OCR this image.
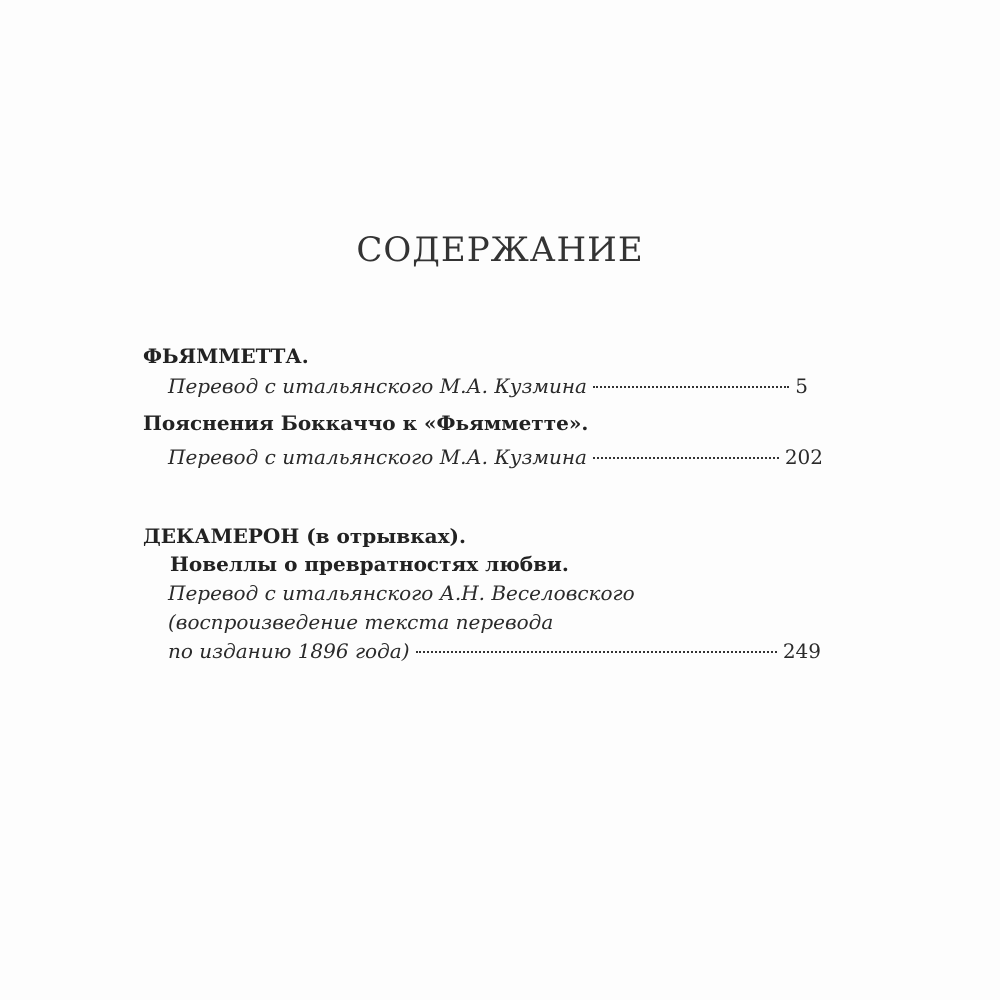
СОДЕРЖАНИЕ
ФЬЯММЕТТА.
Перевод с итальянского М.А. Кузмина	5
Пояснения Боккаччо к «Фьямметте».
Перевод с итальянского М.А. Кузмина	202
ДЕКАМЕРОН (в отрывках).
Новеллы о превратностях любви.
Перевод с итальянского А.Н. Веселовского
(воспроизведение текста перевода
по изданию 1896 года)	249
